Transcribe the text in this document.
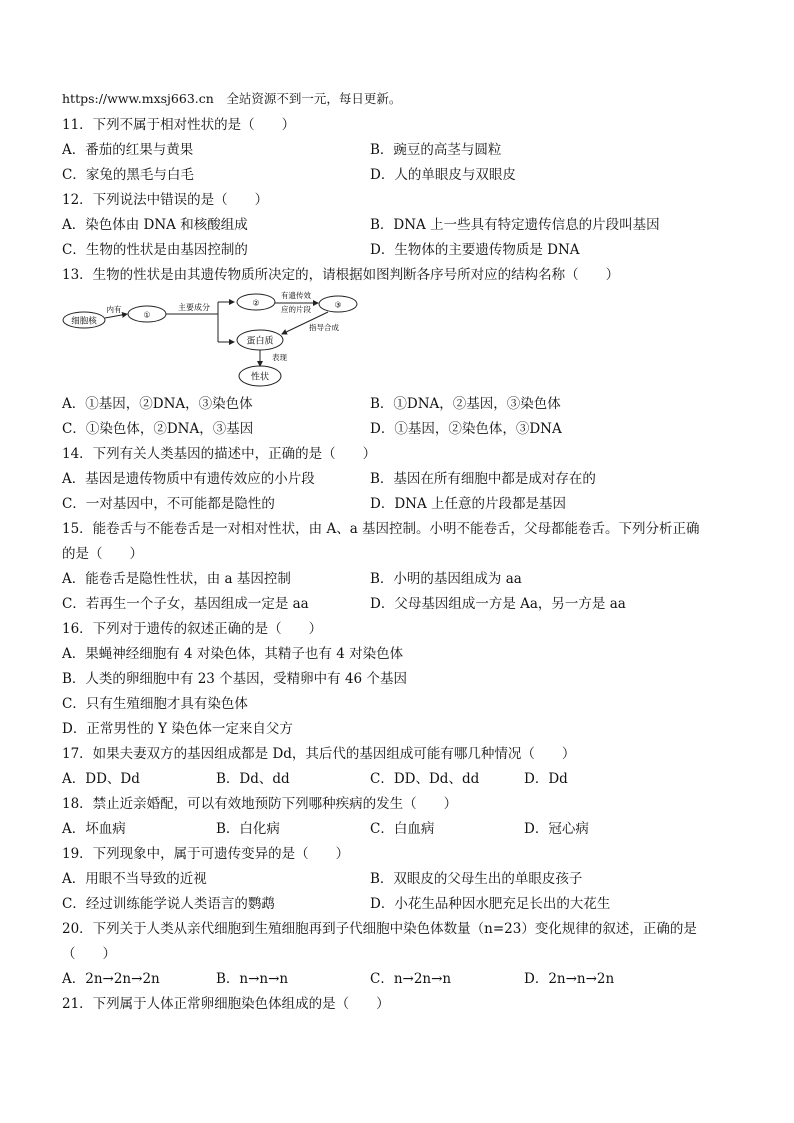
https://www.mxsj663.cn　全站资源不到一元，每日更新。
11．下列不属于相对性状的是（　　）
A．番茄的红果与黄果	B．豌豆的高茎与圆粒
C．家兔的黑毛与白毛	D．人的单眼皮与双眼皮
12．下列说法中错误的是（　　）
A．染色体由 DNA 和核酸组成	B．DNA 上一些具有特定遗传信息的片段叫基因
C．生物的性状是由基因控制的	D．生物体的主要遗传物质是 DNA
13．生物的性状是由其遗传物质所决定的，请根据如图判断各序号所对应的结构名称（　　）
细胞核
内有
①
主要成分	②
有遗传效
应的片段	③
指导合成
蛋白质
表现
性状
A．①基因，②DNA，③染色体	B．①DNA，②基因，③染色体
C．①染色体，②DNA，③基因	D．①基因，②染色体，③DNA
14．下列有关人类基因的描述中，正确的是（　　）
A．基因是遗传物质中有遗传效应的小片段	B．基因在所有细胞中都是成对存在的
C．一对基因中，不可能都是隐性的	D．DNA 上任意的片段都是基因
15．能卷舌与不能卷舌是一对相对性状，由 A、a 基因控制。小明不能卷舌，父母都能卷舌。下列分析正确
的是（　　）
A．能卷舌是隐性性状，由 a 基因控制	B．小明的基因组成为 aa
C．若再生一个子女，基因组成一定是 aa	D．父母基因组成一方是 Aa，另一方是 aa
16．下列对于遗传的叙述正确的是（　　）
A．果蝇神经细胞有 4 对染色体，其精子也有 4 对染色体
B．人类的卵细胞中有 23 个基因，受精卵中有 46 个基因
C．只有生殖细胞才具有染色体
D．正常男性的 Y 染色体一定来自父方
17．如果夫妻双方的基因组成都是 Dd，其后代的基因组成可能有哪几种情况（　　）
A．DD、Dd	B．Dd、dd	C．DD、Dd、dd	D．Dd
18．禁止近亲婚配，可以有效地预防下列哪种疾病的发生（　　）
A．坏血病	B．白化病	C．白血病	D．冠心病
19．下列现象中，属于可遗传变异的是（　　）
A．用眼不当导致的近视	B．双眼皮的父母生出的单眼皮孩子
C．经过训练能学说人类语言的鹦鹉	D．小花生品种因水肥充足长出的大花生
20．下列关于人类从亲代细胞到生殖细胞再到子代细胞中染色体数量（n=23）变化规律的叙述，正确的是
（　　）
A．2n→2n→2n	B．n→n→n	C．n→2n→n	D．2n→n→2n
21．下列属于人体正常卵细胞染色体组成的是（　　）
